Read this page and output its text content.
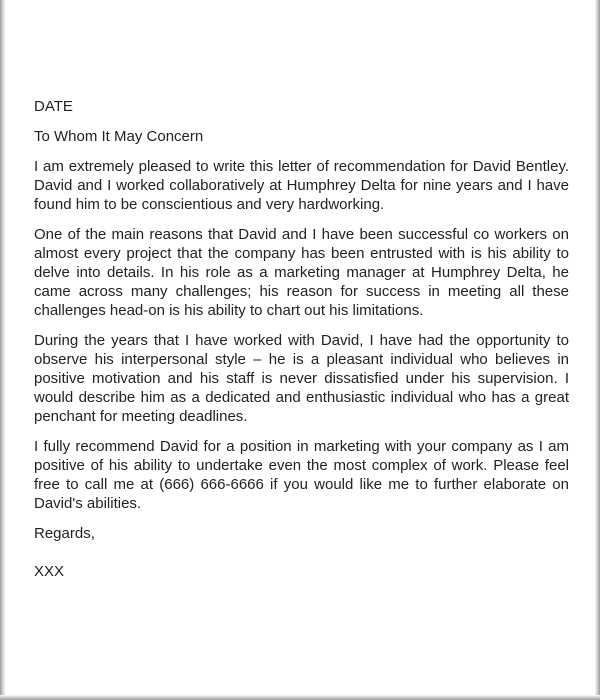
DATE

To Whom It May Concern

I am extremely pleased to write this letter of recommendation for David Bentley. David and I worked collaboratively at Humphrey Delta for nine years and I have found him to be conscientious and very hardworking.

One of the main reasons that David and I have been successful co workers on almost every project that the company has been entrusted with is his ability to delve into details. In his role as a marketing manager at Humphrey Delta, he came across many challenges; his reason for success in meeting all these challenges head-on is his ability to chart out his limitations.

During the years that I have worked with David, I have had the opportunity to observe his interpersonal style – he is a pleasant individual who believes in positive motivation and his staff is never dissatisfied under his supervision. I would describe him as a dedicated and enthusiastic individual who has a great penchant for meeting deadlines.

I fully recommend David for a position in marketing with your company as I am positive of his ability to undertake even the most complex of work. Please feel free to call me at (666) 666-6666 if you would like me to further elaborate on David's abilities.

Regards,

XXX
